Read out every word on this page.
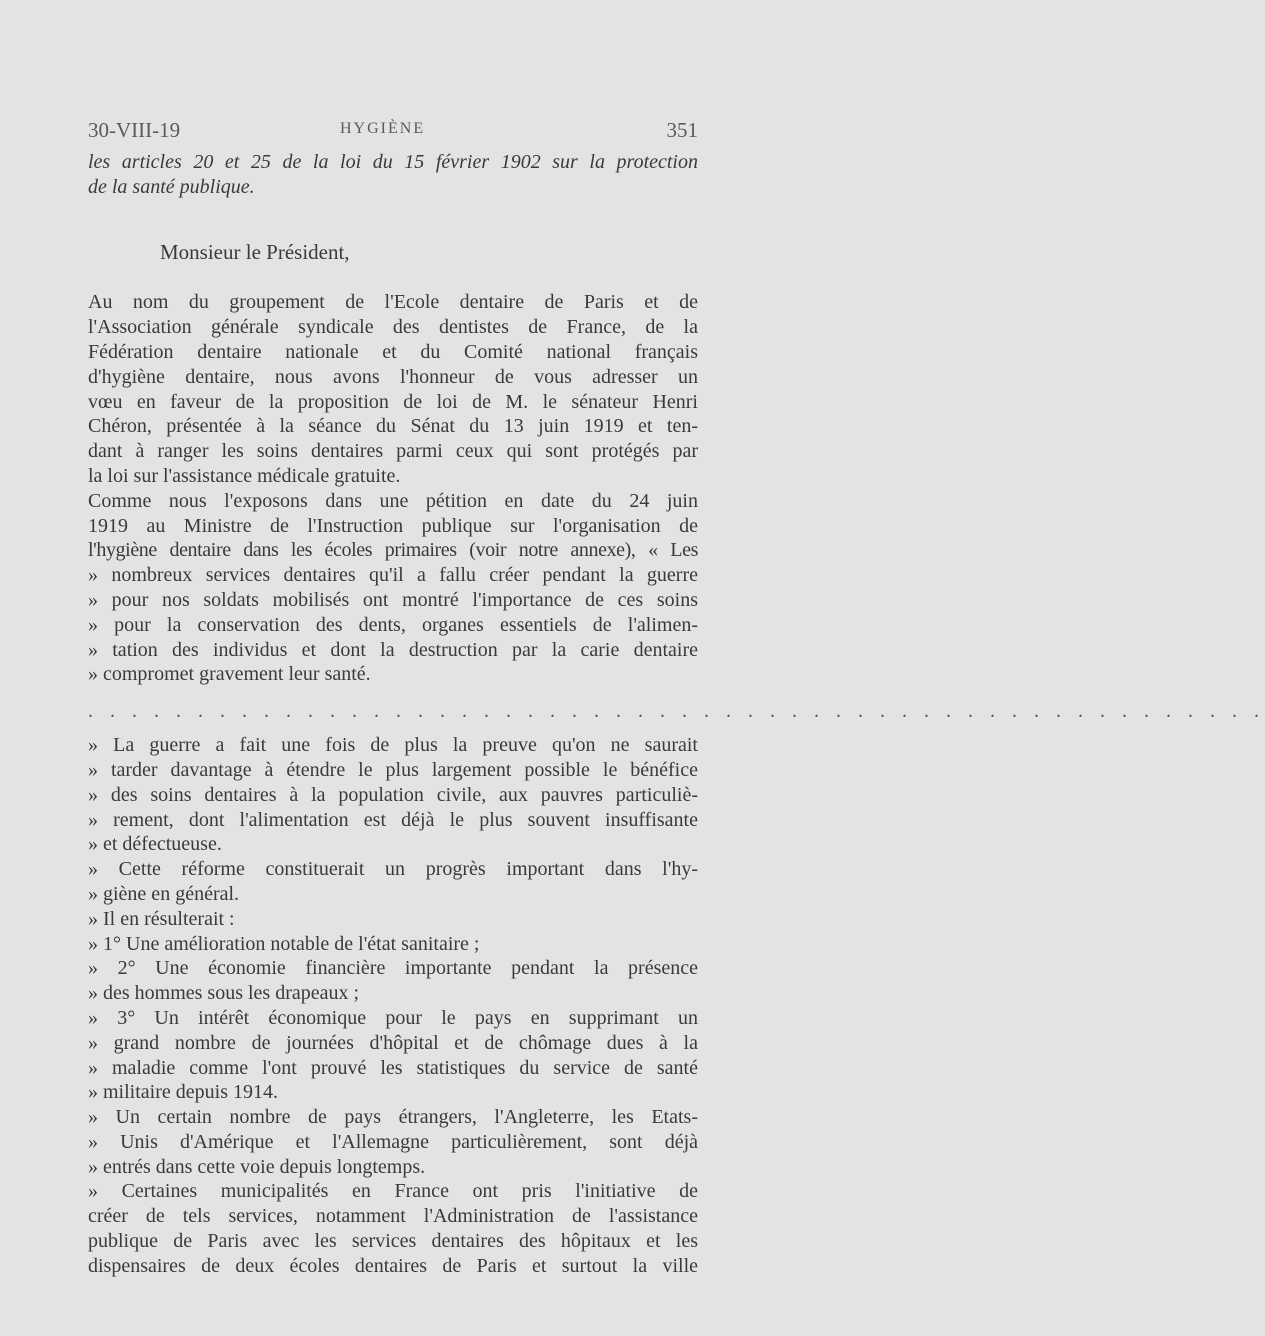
30-VIII-19	HYGIÈNE	351
les articles 20 et 25 de la loi du 15 février 1902 sur la protection
de la santé publique.
Monsieur le Président,
Au nom du groupement de l'Ecole dentaire de Paris et de
l'Association générale syndicale des dentistes de France, de la
Fédération dentaire nationale et du Comité national français
d'hygiène dentaire, nous avons l'honneur de vous adresser un
vœu en faveur de la proposition de loi de M. le sénateur Henri
Chéron, présentée à la séance du Sénat du 13 juin 1919 et ten-
dant à ranger les soins dentaires parmi ceux qui sont protégés par
la loi sur l'assistance médicale gratuite.
Comme nous l'exposons dans une pétition en date du 24 juin
1919 au Ministre de l'Instruction publique sur l'organisation de
l'hygiène dentaire dans les écoles primaires (voir notre annexe), « Les
» nombreux services dentaires qu'il a fallu créer pendant la guerre
» pour nos soldats mobilisés ont montré l'importance de ces soins
» pour la conservation des dents, organes essentiels de l'alimen-
» tation des individus et dont la destruction par la carie dentaire
» compromet gravement leur santé.
. . . . . . . . . . . . . . . . . . . . . . . . . . . . . . . . . . . . . . . . . . . . . . . . . . . . . .
» La guerre a fait une fois de plus la preuve qu'on ne saurait
» tarder davantage à étendre le plus largement possible le bénéfice
» des soins dentaires à la population civile, aux pauvres particuliè-
» rement, dont l'alimentation est déjà le plus souvent insuffisante
» et défectueuse.
» Cette réforme constituerait un progrès important dans l'hy-
» giène en général.
» Il en résulterait :
» 1° Une amélioration notable de l'état sanitaire ;
» 2° Une économie financière importante pendant la présence
» des hommes sous les drapeaux ;
» 3° Un intérêt économique pour le pays en supprimant un
» grand nombre de journées d'hôpital et de chômage dues à la
» maladie comme l'ont prouvé les statistiques du service de santé
» militaire depuis 1914.
» Un certain nombre de pays étrangers, l'Angleterre, les Etats-
» Unis d'Amérique et l'Allemagne particulièrement, sont déjà
» entrés dans cette voie depuis longtemps.
» Certaines municipalités en France ont pris l'initiative de
créer de tels services, notamment l'Administration de l'assistance
publique de Paris avec les services dentaires des hôpitaux et les
dispensaires de deux écoles dentaires de Paris et surtout la ville
